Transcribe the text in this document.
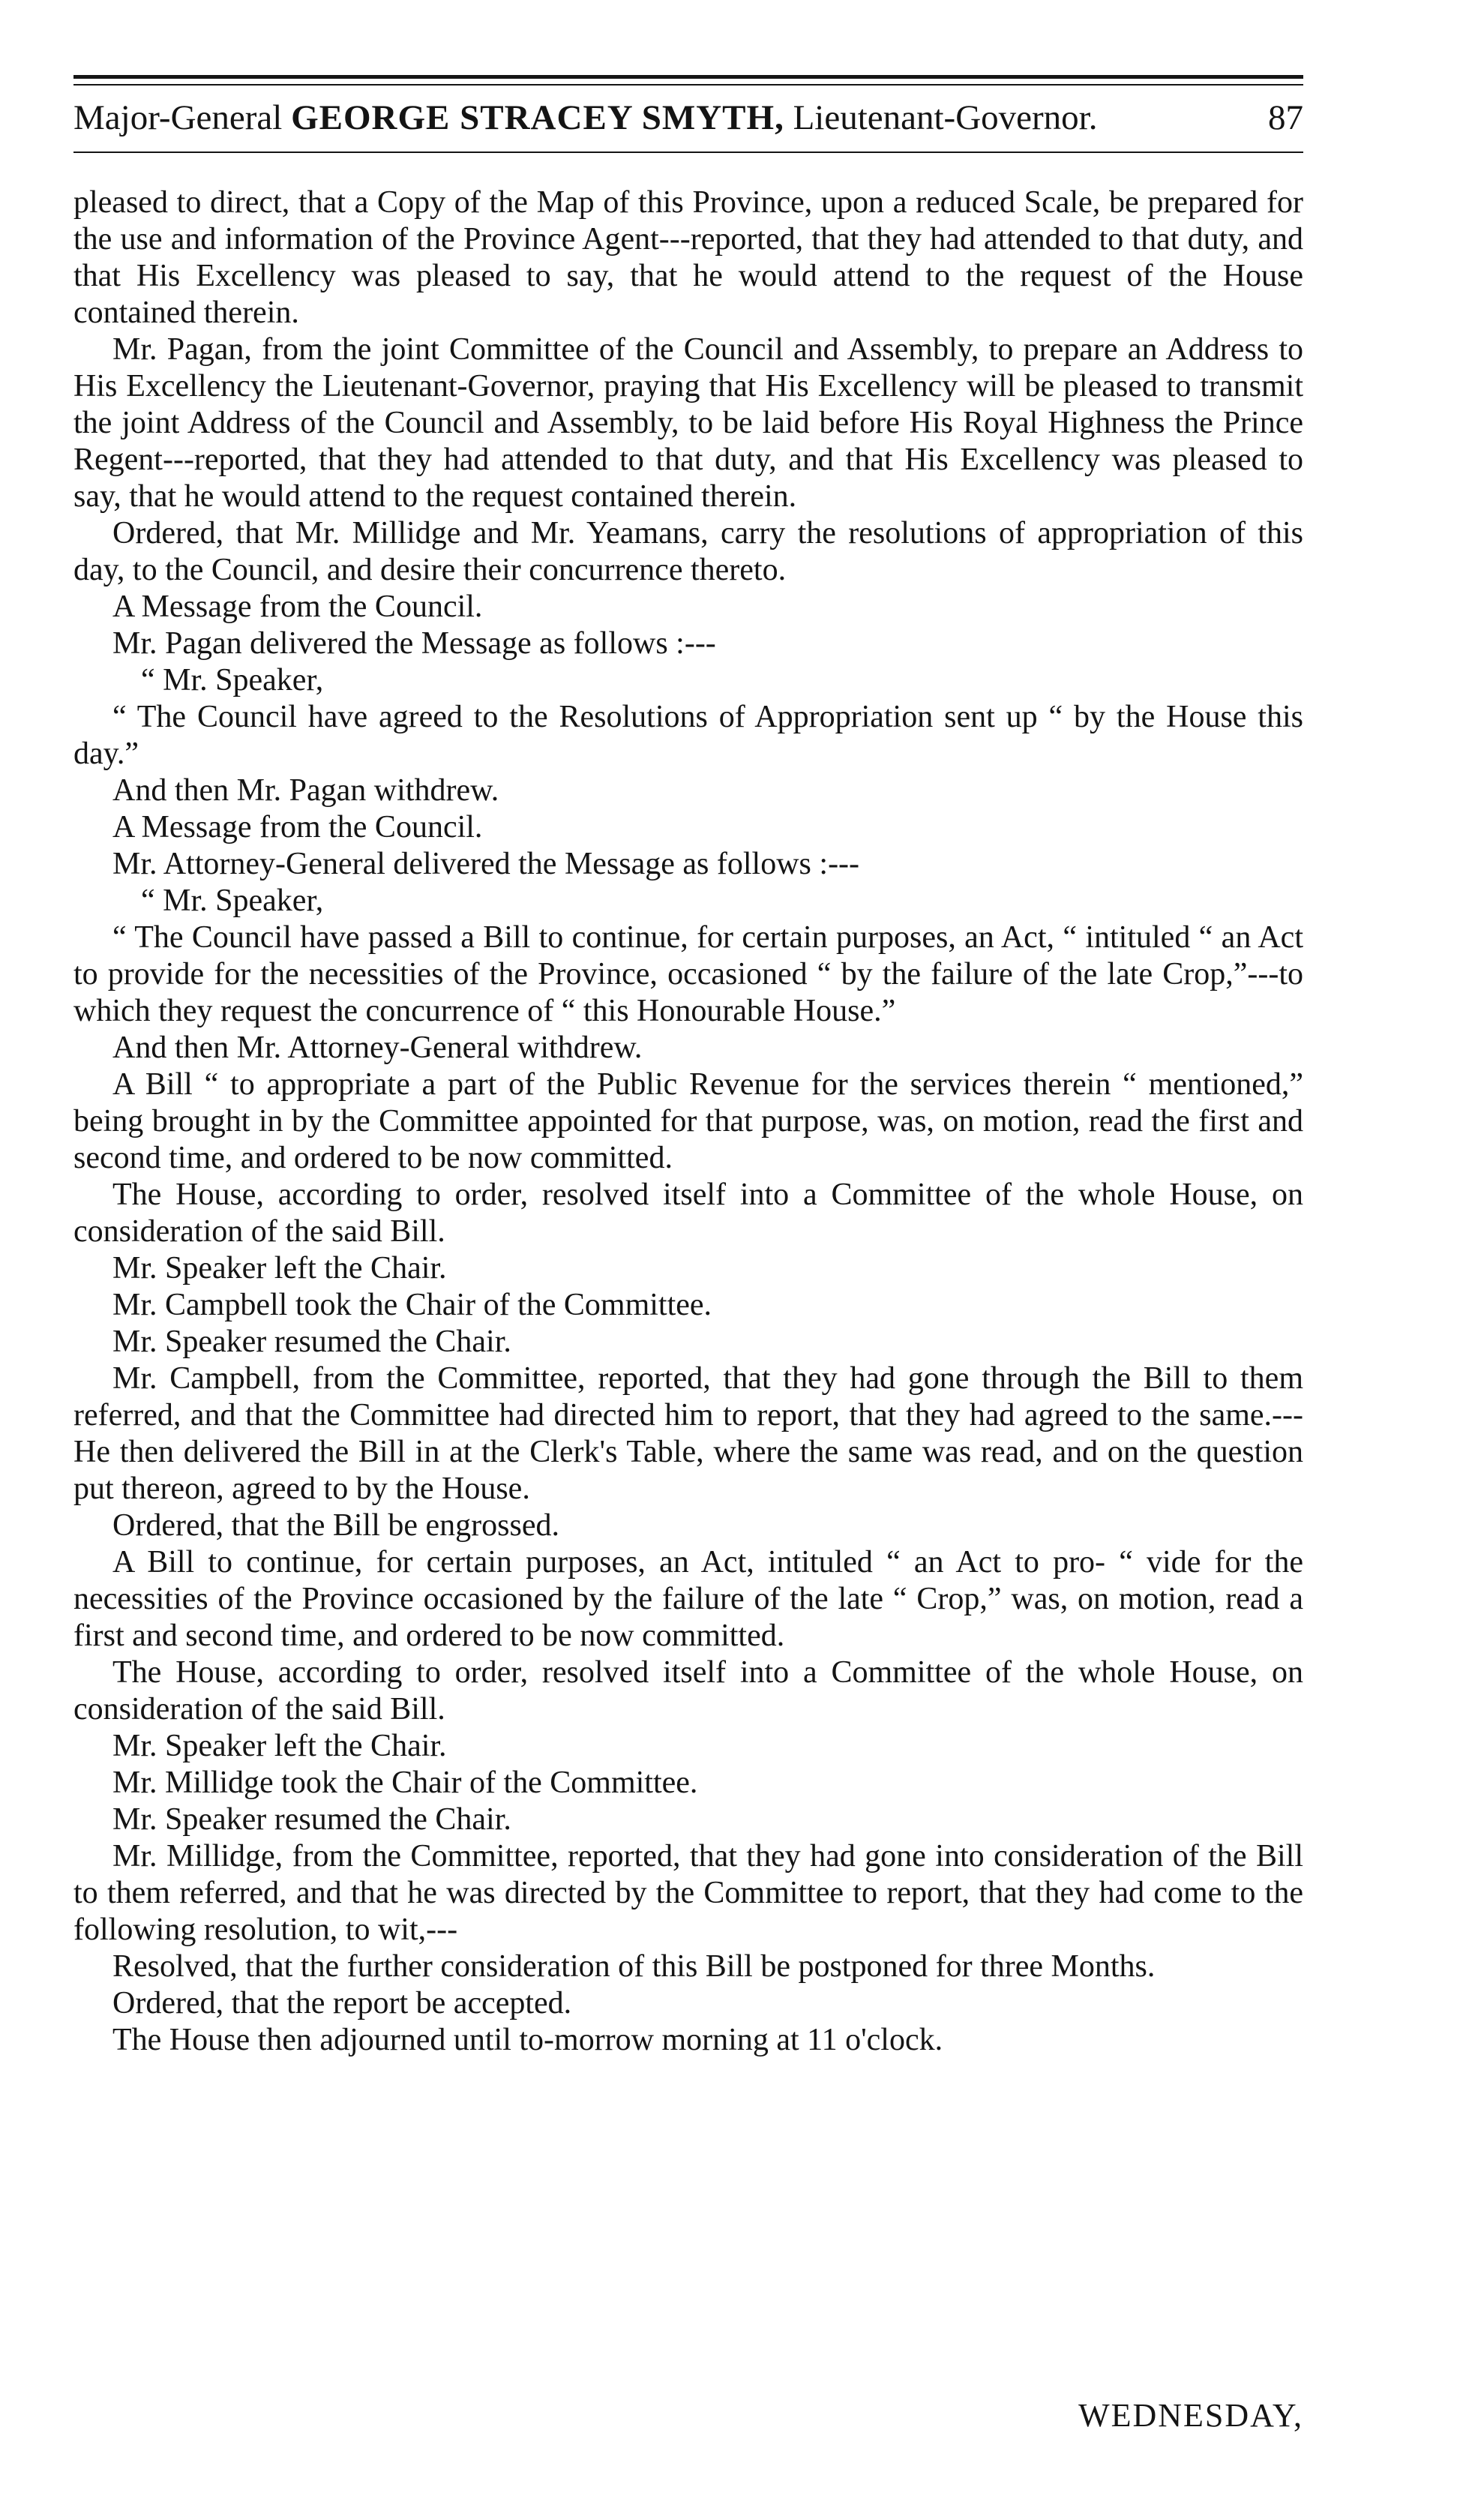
Major-General GEORGE STRACEY SMYTH, Lieutenant-Governor.	87

pleased to direct, that a Copy of the Map of this Province, upon a reduced Scale, be prepared for the use and information of the Province Agent---reported, that they had attended to that duty, and that His Excellency was pleased to say, that he would attend to the request of the House contained therein.

Mr. Pagan, from the joint Committee of the Council and Assembly, to prepare an Address to His Excellency the Lieutenant-Governor, praying that His Excellency will be pleased to transmit the joint Address of the Council and Assembly, to be laid before His Royal Highness the Prince Regent---reported, that they had attended to that duty, and that His Excellency was pleased to say, that he would attend to the request contained therein.

Ordered, that Mr. Millidge and Mr. Yeamans, carry the resolutions of appropriation of this day, to the Council, and desire their concurrence thereto.

A Message from the Council.

Mr. Pagan delivered the Message as follows :---

“ Mr. Speaker,

“ The Council have agreed to the Resolutions of Appropriation sent up “ by the House this day.”

And then Mr. Pagan withdrew.

A Message from the Council.

Mr. Attorney-General delivered the Message as follows :---

“ Mr. Speaker,

“ The Council have passed a Bill to continue, for certain purposes, an Act, “ intituled “ an Act to provide for the necessities of the Province, occasioned “ by the failure of the late Crop,”---to which they request the concurrence of “ this Honourable House.”

And then Mr. Attorney-General withdrew.

A Bill “ to appropriate a part of the Public Revenue for the services therein “ mentioned,” being brought in by the Committee appointed for that purpose, was, on motion, read the first and second time, and ordered to be now committed.

The House, according to order, resolved itself into a Committee of the whole House, on consideration of the said Bill.

Mr. Speaker left the Chair.

Mr. Campbell took the Chair of the Committee.

Mr. Speaker resumed the Chair.

Mr. Campbell, from the Committee, reported, that they had gone through the Bill to them referred, and that the Committee had directed him to report, that they had agreed to the same.---He then delivered the Bill in at the Clerk's Table, where the same was read, and on the question put thereon, agreed to by the House.

Ordered, that the Bill be engrossed.

A Bill to continue, for certain purposes, an Act, intituled “ an Act to pro- “ vide for the necessities of the Province occasioned by the failure of the late “ Crop,” was, on motion, read a first and second time, and ordered to be now committed.

The House, according to order, resolved itself into a Committee of the whole House, on consideration of the said Bill.

Mr. Speaker left the Chair.

Mr. Millidge took the Chair of the Committee.

Mr. Speaker resumed the Chair.

Mr. Millidge, from the Committee, reported, that they had gone into consideration of the Bill to them referred, and that he was directed by the Committee to report, that they had come to the following resolution, to wit,---

Resolved, that the further consideration of this Bill be postponed for three Months.

Ordered, that the report be accepted.

The House then adjourned until to-morrow morning at 11 o'clock.

WEDNESDAY,
